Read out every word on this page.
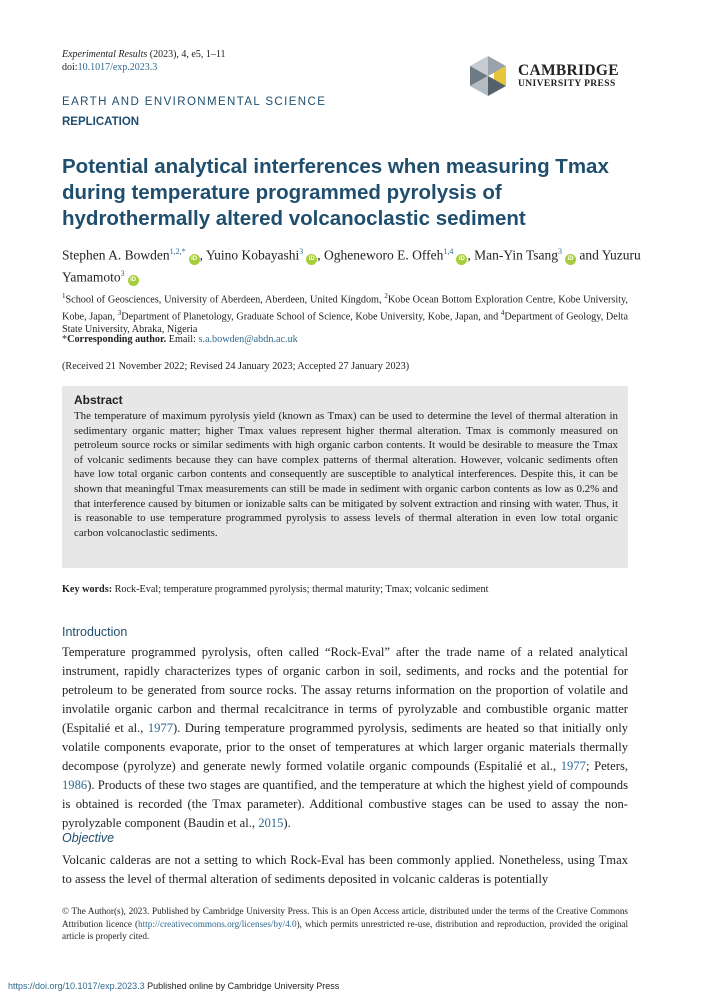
Experimental Results (2023), 4, e5, 1–11
doi:10.1017/exp.2023.3	CAMBRIDGE
UNIVERSITY PRESS
EARTH AND ENVIRONMENTAL SCIENCE
REPLICATION
Potential analytical interferences when measuring Tmax during temperature programmed pyrolysis of hydrothermally altered volcanoclastic sediment
Stephen A. Bowden$^{1,2,*}$iD , Yuino Kobayashi$^3$iD , Ogheneworo E. Offeh$^{1,4}$iD , Man-Yin Tsang$^3$iD and Yuzuru Yamamoto$^3$iD
$^1$School of Geosciences, University of Aberdeen, Aberdeen, United Kingdom, $^2$Kobe Ocean Bottom Exploration Centre, Kobe University, Kobe, Japan, $^3$Department of Planetology, Graduate School of Science, Kobe University, Kobe, Japan, and $^4$Department of Geology, Delta State University, Abraka, Nigeria
*Corresponding author. Email: s.a.bowden@abdn.ac.uk
(Received 21 November 2022; Revised 24 January 2023; Accepted 27 January 2023)
Abstract

The temperature of maximum pyrolysis yield (known as Tmax) can be used to determine the level of thermal alteration in sedimentary organic matter; higher Tmax values represent higher thermal alteration. Tmax is commonly measured on petroleum source rocks or similar sediments with high organic carbon contents. It would be desirable to measure the Tmax of volcanic sediments because they can have complex patterns of thermal alteration. However, volcanic sediments often have low total organic carbon contents and consequently are susceptible to analytical interferences. Despite this, it can be shown that meaningful Tmax measurements can still be made in sediment with organic carbon contents as low as 0.2% and that interference caused by bitumen or ionizable salts can be mitigated by solvent extraction and rinsing with water. Thus, it is reasonable to use temperature programmed pyrolysis to assess levels of thermal alteration in even low total organic carbon volcanoclastic sediments.

Key words: Rock-Eval; temperature programmed pyrolysis; thermal maturity; Tmax; volcanic sediment
Introduction

Temperature programmed pyrolysis, often called “Rock-Eval” after the trade name of a related analytical instrument, rapidly characterizes types of organic carbon in soil, sediments, and rocks and the potential for petroleum to be generated from source rocks. The assay returns information on the proportion of volatile and involatile organic carbon and thermal recalcitrance in terms of pyrolyzable and combustible organic matter (Espitalié et al., 1977). During temperature programmed pyrolysis, sediments are heated so that initially only volatile components evaporate, prior to the onset of temperatures at which larger organic materials thermally decompose (pyrolyze) and generate newly formed volatile organic compounds (Espitalié et al., 1977; Peters, 1986). Products of these two stages are quantified, and the temperature at which the highest yield of compounds is obtained is recorded (the Tmax parameter). Additional combustive stages can be used to assay the non-pyrolyzable component (Baudin et al., 2015).

Objective

Volcanic calderas are not a setting to which Rock-Eval has been commonly applied. Nonetheless, using Tmax to assess the level of thermal alteration of sediments deposited in volcanic calderas is potentially

© The Author(s), 2023. Published by Cambridge University Press. This is an Open Access article, distributed under the terms of the Creative Commons Attribution licence (http://creativecommons.org/licenses/by/4.0), which permits unrestricted re-use, distribution and reproduction, provided the original article is properly cited.
https://doi.org/10.1017/exp.2023.3 Published online by Cambridge University Press
